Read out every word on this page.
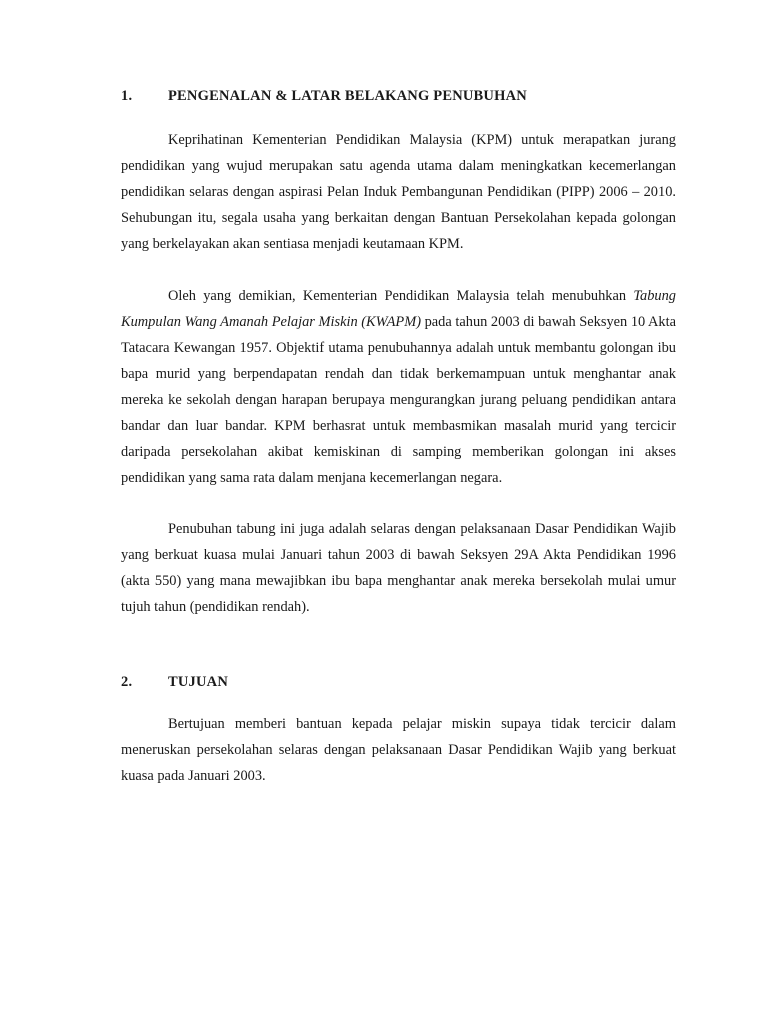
1.	PENGENALAN & LATAR BELAKANG PENUBUHAN

Keprihatinan Kementerian Pendidikan Malaysia (KPM) untuk merapatkan jurang pendidikan yang wujud merupakan satu agenda utama dalam meningkatkan kecemerlangan pendidikan selaras dengan aspirasi Pelan Induk Pembangunan Pendidikan (PIPP) 2006 – 2010. Sehubungan itu, segala usaha yang berkaitan dengan Bantuan Persekolahan kepada golongan yang berkelayakan akan sentiasa menjadi keutamaan KPM.

Oleh yang demikian, Kementerian Pendidikan Malaysia telah menubuhkan Tabung Kumpulan Wang Amanah Pelajar Miskin (KWAPM) pada tahun 2003 di bawah Seksyen 10 Akta Tatacara Kewangan 1957. Objektif utama penubuhannya adalah untuk membantu golongan ibu bapa murid yang berpendapatan rendah dan tidak berkemampuan untuk menghantar anak mereka ke sekolah dengan harapan berupaya mengurangkan jurang peluang pendidikan antara bandar dan luar bandar. KPM berhasrat untuk membasmikan masalah murid yang tercicir daripada persekolahan akibat kemiskinan di samping memberikan golongan ini akses pendidikan yang sama rata dalam menjana kecemerlangan negara.

Penubuhan tabung ini juga adalah selaras dengan pelaksanaan Dasar Pendidikan Wajib yang berkuat kuasa mulai Januari tahun 2003 di bawah Seksyen 29A Akta Pendidikan 1996 (akta 550) yang mana mewajibkan ibu bapa menghantar anak mereka bersekolah mulai umur tujuh tahun (pendidikan rendah).

2.	TUJUAN

Bertujuan memberi bantuan kepada pelajar miskin supaya tidak tercicir dalam meneruskan persekolahan selaras dengan pelaksanaan Dasar Pendidikan Wajib yang berkuat kuasa pada Januari 2003.
